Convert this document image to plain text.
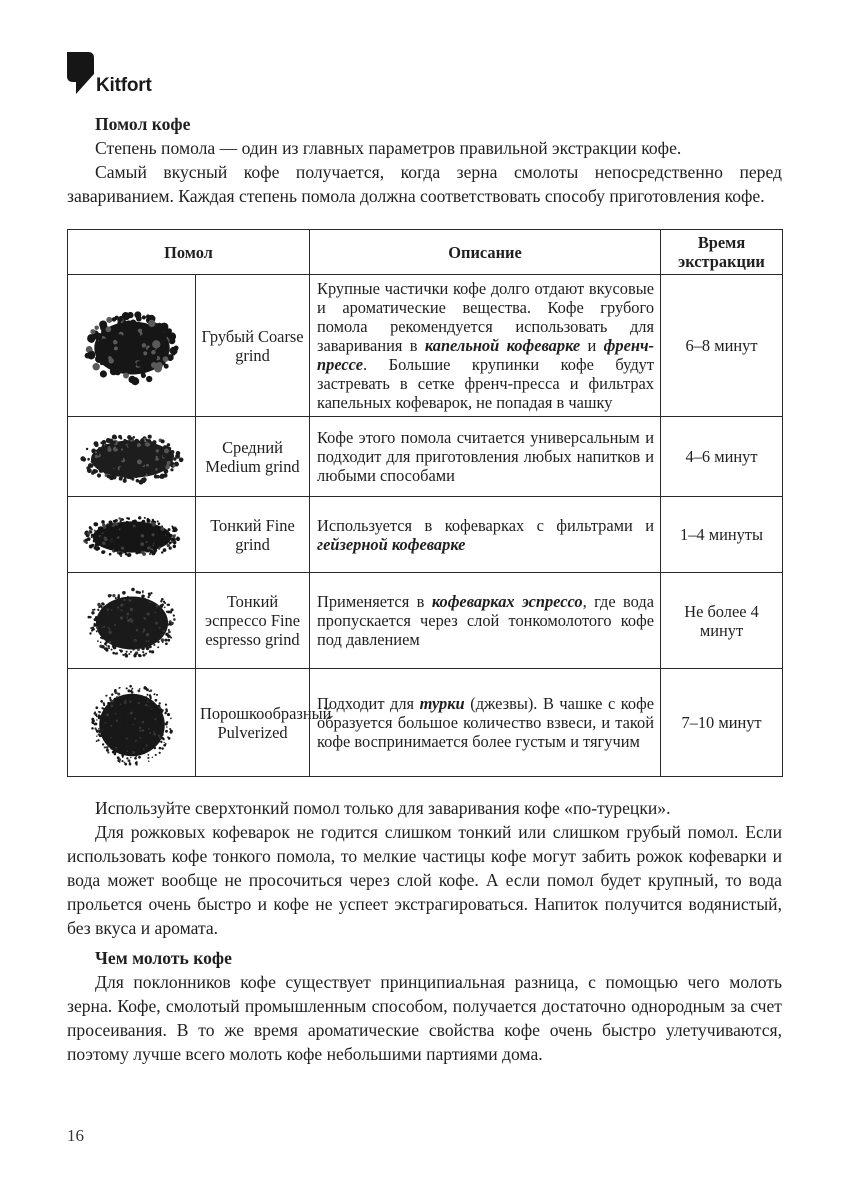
Kitfort
Помол кофе

Степень помола — один из главных параметров правильной экстракции кофе.

Самый вкусный кофе получается, когда зерна смолоты непосредственно перед завариванием. Каждая степень помола должна соответствовать способу приготовления кофе.

Помол		Описание	Время экстракции

	Грубый Coarse grind	Крупные частички кофе долго отдают вкусовые и ароматические вещества. Кофе грубого помола рекомендуется использовать для заваривания в капельной кофеварке и френч-прессе. Большие крупинки кофе будут застревать в сетке френч-пресса и фильтрах капельных кофеварок, не попадая в чашку	6–8 минут

	Средний Medium grind	Кофе этого помола считается универсальным и подходит для приготовления любых напитков и любыми способами	4–6 минут

	Тонкий Fine grind	Используется в кофеварках с фильтрами и гейзерной кофеварке	1–4 минуты

	Тонкий эспрессо Fine espresso grind	Применяется в кофеварках эспрессо, где вода пропускается через слой тонкомолотого кофе под давлением	Не более 4 минут

	Порошкообразный Pulverized	Подходит для турки (джезвы). В чашке с кофе образуется большое количество взвеси, и такой кофе воспринимается более густым и тягучим	7–10 минут

Используйте сверхтонкий помол только для заваривания кофе «по-турецки».

Для рожковых кофеварок не годится слишком тонкий или слишком грубый помол. Если использовать кофе тонкого помола, то мелкие частицы кофе могут забить рожок кофеварки и вода может вообще не просочиться через слой кофе. А если помол будет крупный, то вода прольется очень быстро и кофе не успеет экстрагироваться. Напиток получится водянистый, без вкуса и аромата.

Чем молоть кофе

Для поклонников кофе существует принципиальная разница, с помощью чего молоть зерна. Кофе, смолотый промышленным способом, получается достаточно однородным за счет просеивания. В то же время ароматические свойства кофе очень быстро улетучиваются, поэтому лучше всего молоть кофе небольшими партиями дома.

16
